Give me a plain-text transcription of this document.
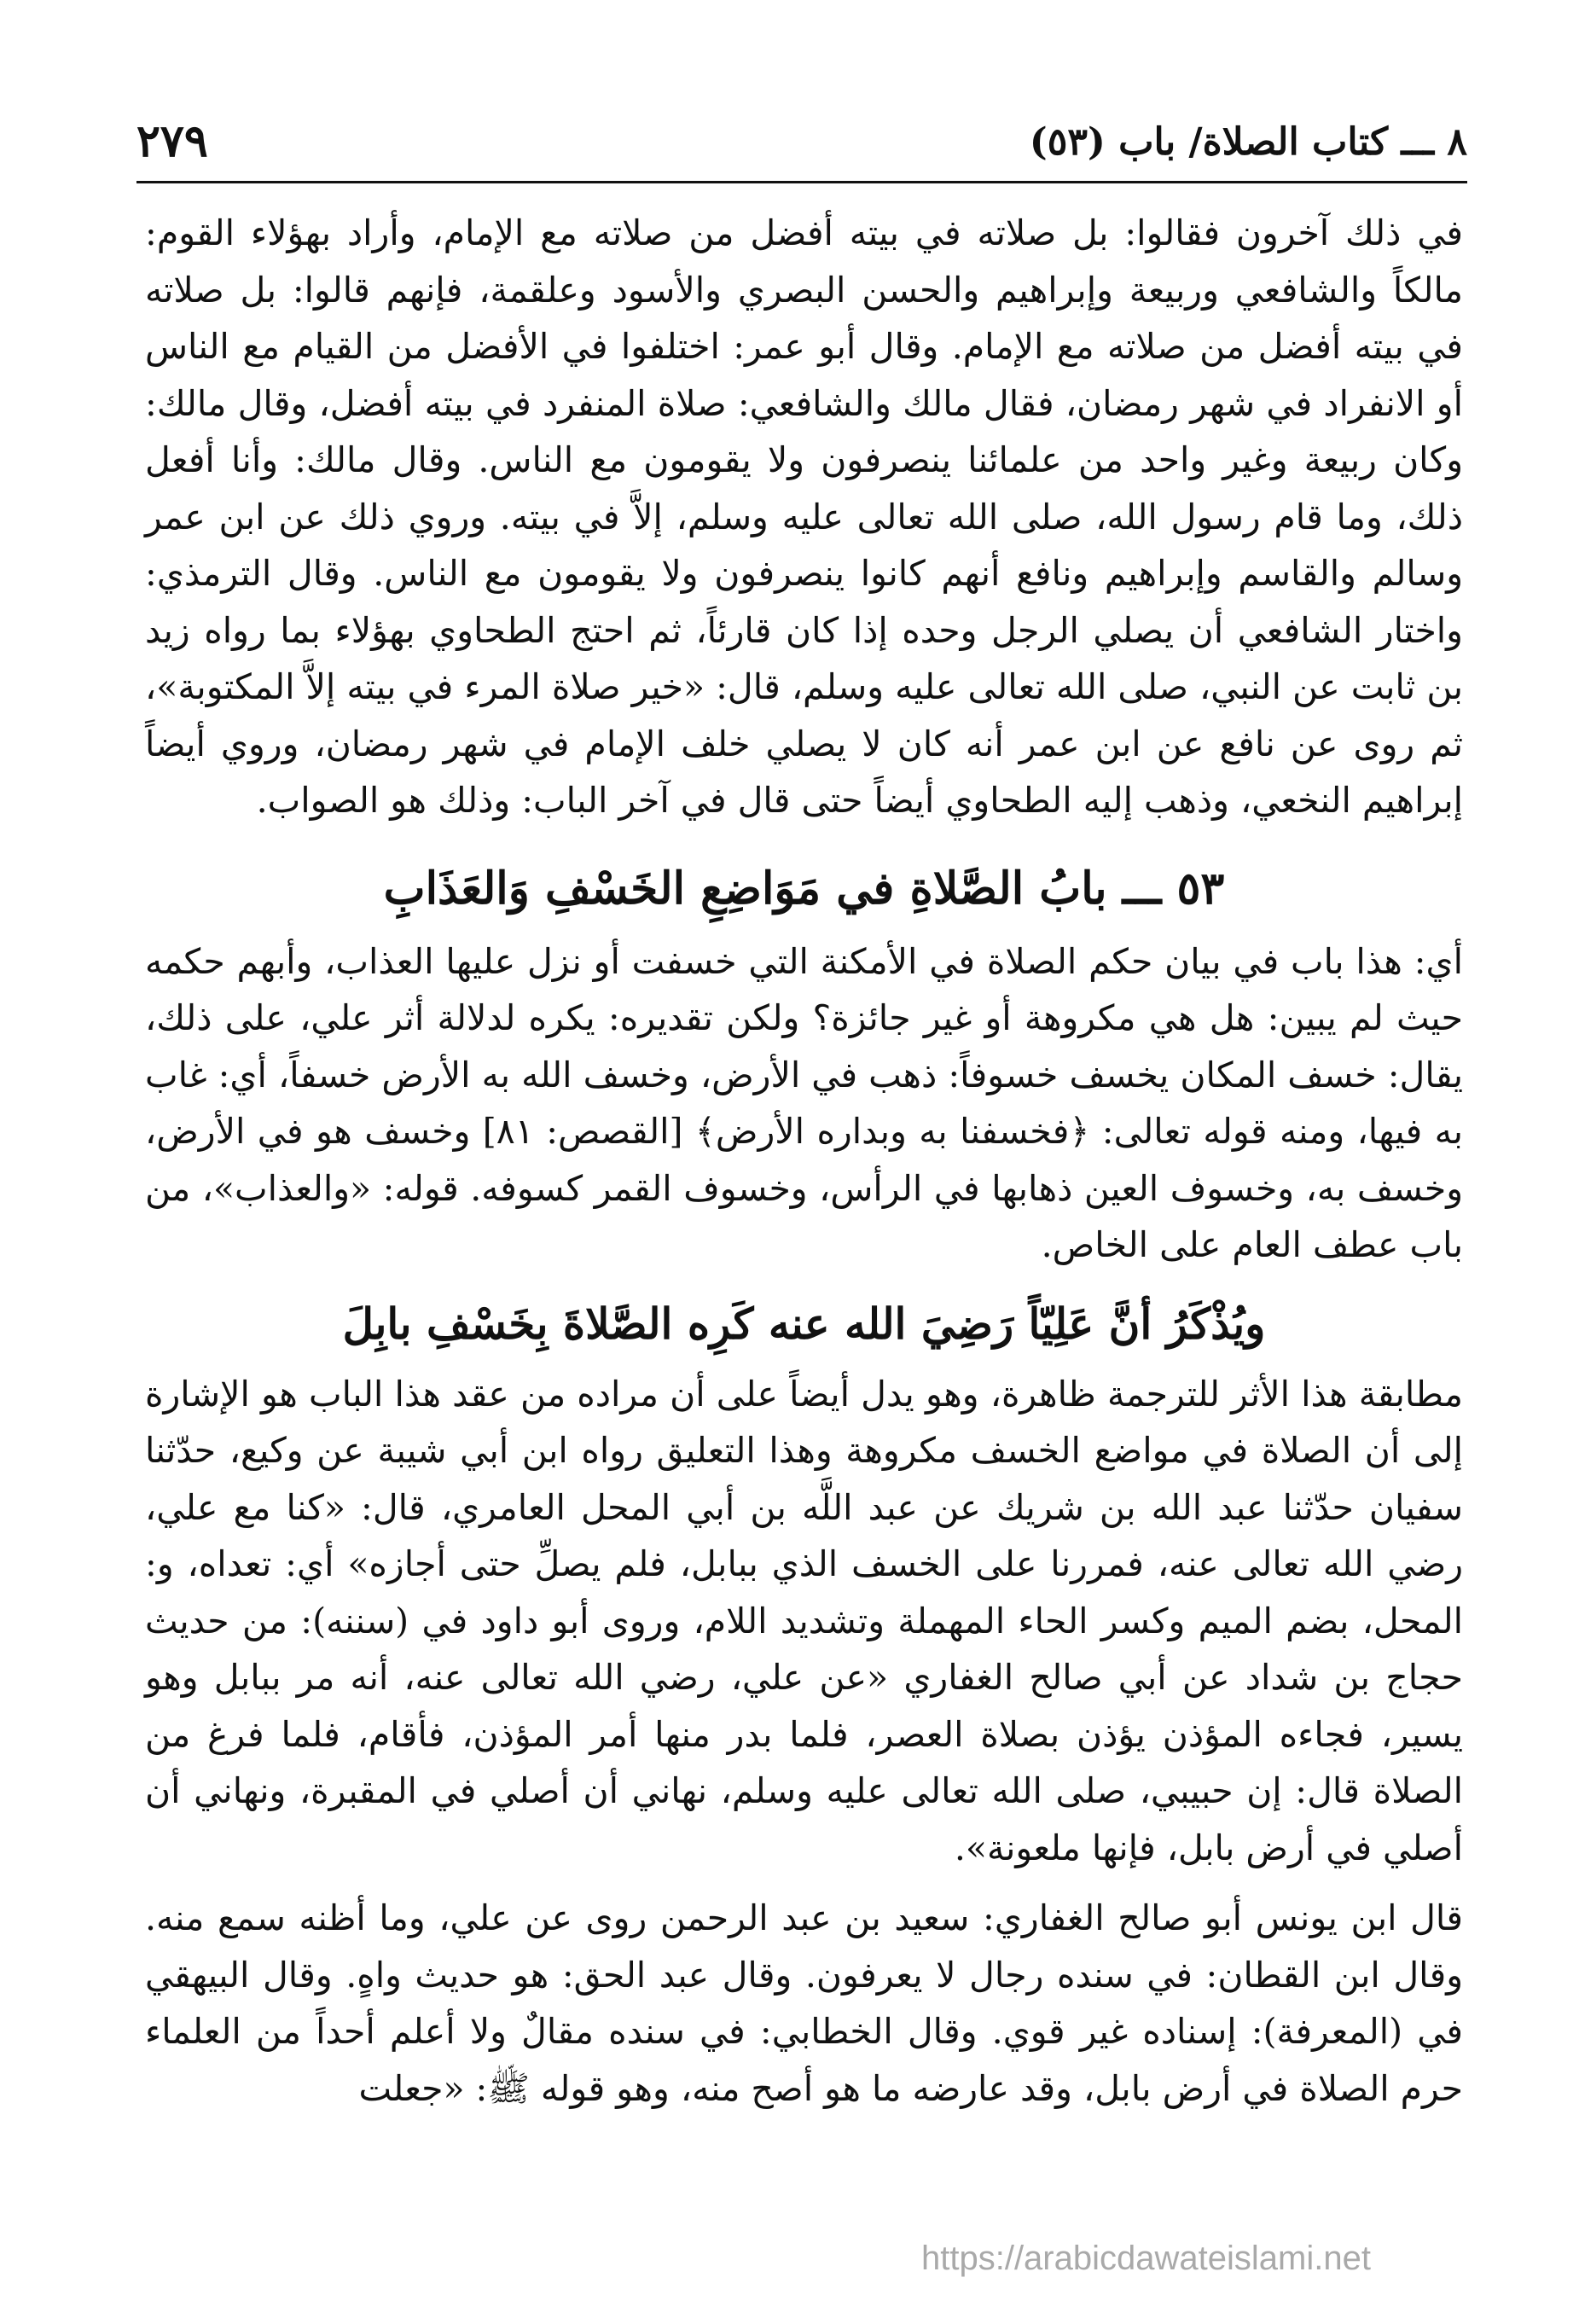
٨ ـــ كتاب الصلاة/ باب (٥٣)
٢٧٩

في ذلك آخرون فقالوا: بل صلاته في بيته أفضل من صلاته مع الإمام، وأراد بهؤلاء القوم: مالكاً والشافعي وربيعة وإبراهيم والحسن البصري والأسود وعلقمة، فإنهم قالوا: بل صلاته في بيته أفضل من صلاته مع الإمام. وقال أبو عمر: اختلفوا في الأفضل من القيام مع الناس أو الانفراد في شهر رمضان، فقال مالك والشافعي: صلاة المنفرد في بيته أفضل، وقال مالك: وكان ربيعة وغير واحد من علمائنا ينصرفون ولا يقومون مع الناس. وقال مالك: وأنا أفعل ذلك، وما قام رسول الله، صلى الله تعالى عليه وسلم، إلاَّ في بيته. وروي ذلك عن ابن عمر وسالم والقاسم وإبراهيم ونافع أنهم كانوا ينصرفون ولا يقومون مع الناس. وقال الترمذي: واختار الشافعي أن يصلي الرجل وحده إذا كان قارئاً، ثم احتج الطحاوي بهؤلاء بما رواه زيد بن ثابت عن النبي، صلى الله تعالى عليه وسلم، قال: «خير صلاة المرء في بيته إلاَّ المكتوبة»، ثم روى عن نافع عن ابن عمر أنه كان لا يصلي خلف الإمام في شهر رمضان، وروي أيضاً إبراهيم النخعي، وذهب إليه الطحاوي أيضاً حتى قال في آخر الباب: وذلك هو الصواب.

٥٣ ـــ بابُ الصَّلاةِ في مَوَاضِعِ الخَسْفِ وَالعَذَابِ

أي: هذا باب في بيان حكم الصلاة في الأمكنة التي خسفت أو نزل عليها العذاب، وأبهم حكمه حيث لم يبين: هل هي مكروهة أو غير جائزة؟ ولكن تقديره: يكره لدلالة أثر علي، على ذلك، يقال: خسف المكان يخسف خسوفاً: ذهب في الأرض، وخسف الله به الأرض خسفاً، أي: غاب به فيها، ومنه قوله تعالى: ﴿فخسفنا به وبداره الأرض﴾ [القصص: ٨١] وخسف هو في الأرض، وخسف به، وخسوف العين ذهابها في الرأس، وخسوف القمر كسوفه. قوله: «والعذاب»، من باب عطف العام على الخاص.

ويُذْكَرُ أنَّ عَلِيّاً رَضِيَ الله عنه كَرِه الصَّلاةَ بِخَسْفِ بابِلَ

مطابقة هذا الأثر للترجمة ظاهرة، وهو يدل أيضاً على أن مراده من عقد هذا الباب هو الإشارة إلى أن الصلاة في مواضع الخسف مكروهة وهذا التعليق رواه ابن أبي شيبة عن وكيع، حدّثنا سفيان حدّثنا عبد الله بن شريك عن عبد اللَّه بن أبي المحل العامري، قال: «كنا مع علي، رضي الله تعالى عنه، فمررنا على الخسف الذي ببابل، فلم يصلِّ حتى أجازه» أي: تعداه، و: المحل، بضم الميم وكسر الحاء المهملة وتشديد اللام، وروى أبو داود في (سننه): من حديث حجاج بن شداد عن أبي صالح الغفاري «عن علي، رضي الله تعالى عنه، أنه مر ببابل وهو يسير، فجاءه المؤذن يؤذن بصلاة العصر، فلما بدر منها أمر المؤذن، فأقام، فلما فرغ من الصلاة قال: إن حبيبي، صلى الله تعالى عليه وسلم، نهاني أن أصلي في المقبرة، ونهاني أن أصلي في أرض بابل، فإنها ملعونة».

قال ابن يونس أبو صالح الغفاري: سعيد بن عبد الرحمن روى عن علي، وما أظنه سمع منه. وقال ابن القطان: في سنده رجال لا يعرفون. وقال عبد الحق: هو حديث واهٍ. وقال البيهقي في (المعرفة): إسناده غير قوي. وقال الخطابي: في سنده مقالٌ ولا أعلم أحداً من العلماء حرم الصلاة في أرض بابل، وقد عارضه ما هو أصح منه، وهو قوله ﷺ: «جعلت

https://arabicdawateislami.net
